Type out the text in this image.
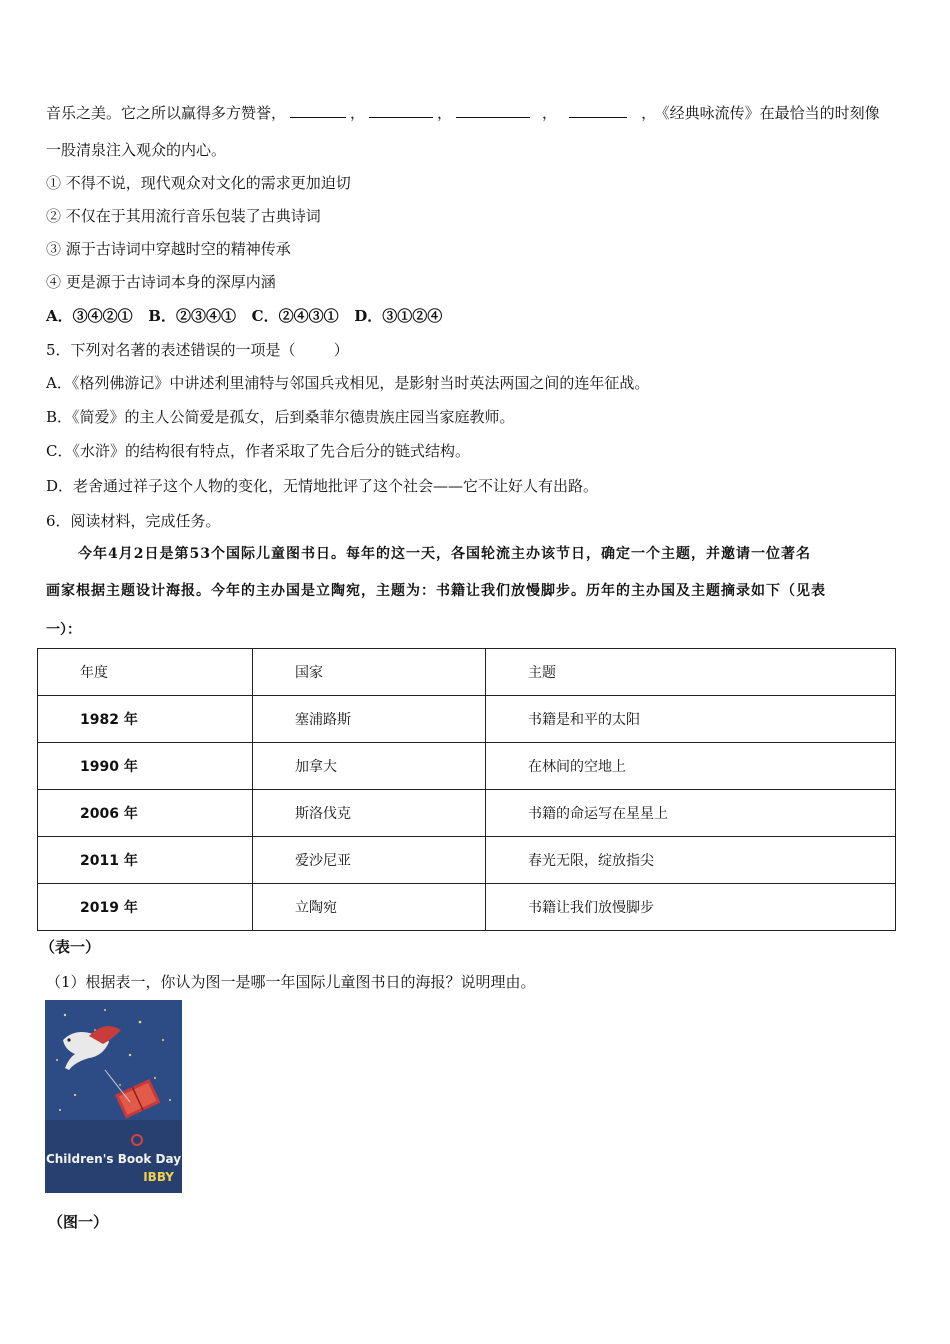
音乐之美。它之所以赢得多方赞誉，	，	，	，	， 《经典咏流传》在最恰当的时刻像
一股清泉注入观众的内心。
① 不得不说，现代观众对文化的需求更加迫切
② 不仅在于其用流行音乐包装了古典诗词
③ 源于古诗词中穿越时空的精神传承
④ 更是源于古诗词本身的深厚内涵
A．③④②①   B．②③④①   C．②④③①   D．③①②④
5．下列对名著的表述错误的一项是（        ）
A．《格列佛游记》中讲述利里浦特与邻国兵戎相见，是影射当时英法两国之间的连年征战。
B．《简爱》的主人公简爱是孤女，后到桑菲尔德贵族庄园当家庭教师。
C．《水浒》的结构很有特点，作者采取了先合后分的链式结构。
D．老舍通过祥子这个人物的变化，无情地批评了这个社会——它不让好人有出路。
6．阅读材料，完成任务。
今年4月2日是第53个国际儿童图书日。每年的这一天，各国轮流主办该节日，确定一个主题，并邀请一位著名
画家根据主题设计海报。今年的主办国是立陶宛，主题为：书籍让我们放慢脚步。历年的主办国及主题摘录如下（见表
一）：
年度	国家	主题
1982 年	塞浦路斯	书籍是和平的太阳
1990 年	加拿大	在林间的空地上
2006 年	斯洛伐克	书籍的命运写在星星上
2011 年	爱沙尼亚	春光无限，绽放指尖
2019 年	立陶宛	书籍让我们放慢脚步
（表一）
（1）根据表一，你认为图一是哪一年国际儿童图书日的海报？说明理由。
Children's Book Day
IBBY
（图一）
